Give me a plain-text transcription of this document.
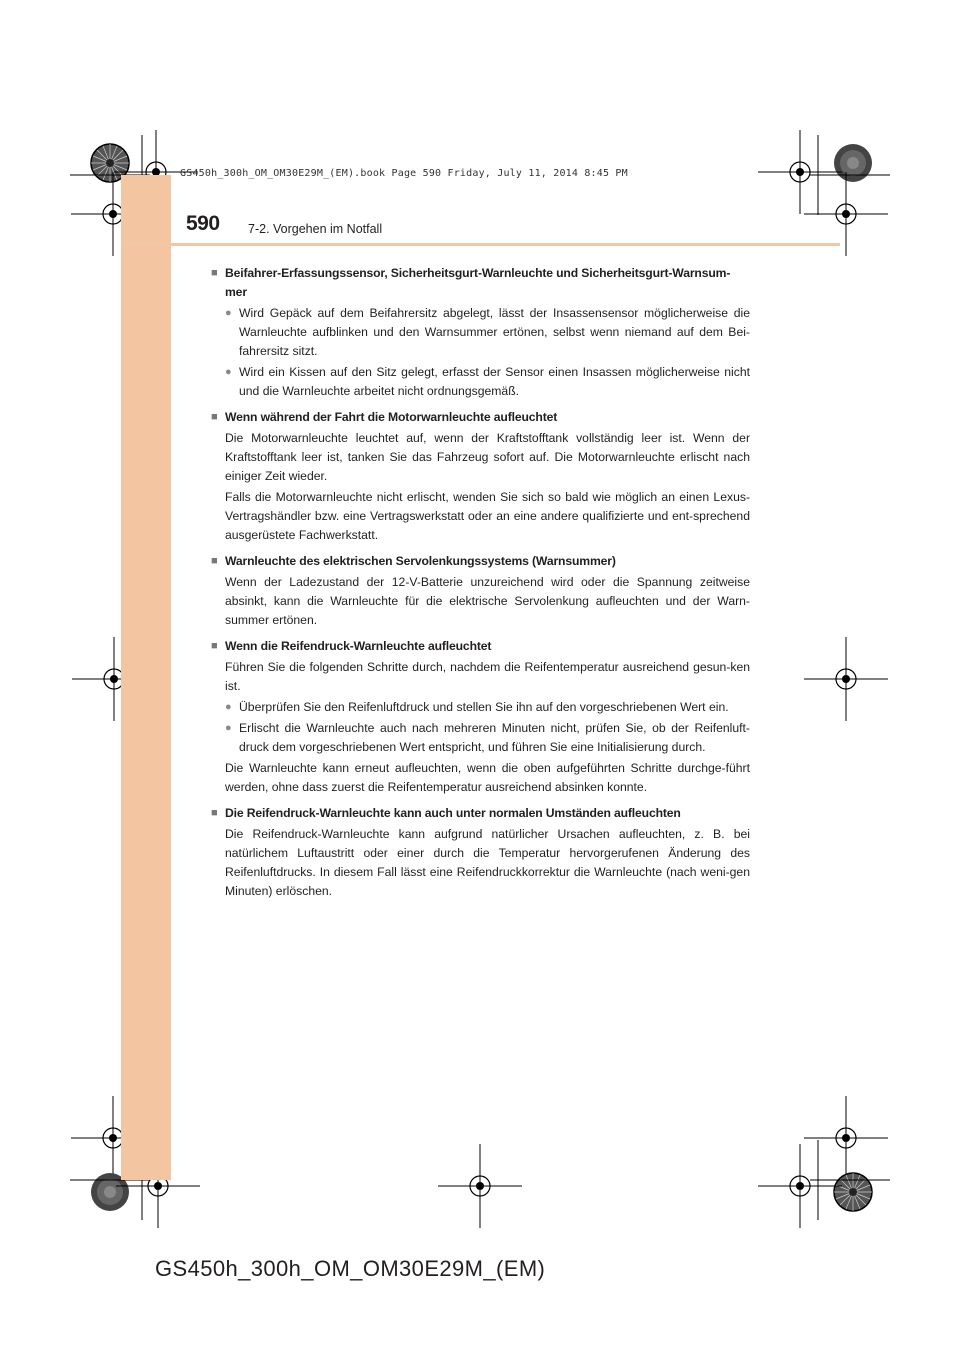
GS450h_300h_OM_OM30E29M_(EM).book Page 590 Friday, July 11, 2014 8:45 PM
590 7-2. Vorgehen im Notfall
■ Beifahrer-Erfassungssensor, Sicherheitsgurt-Warnleuchte und Sicherheitsgurt-Warnsum-mer
● Wird Gepäck auf dem Beifahrersitz abgelegt, lässt der Insassensensor möglicherweise die Warnleuchte aufblinken und den Warnsummer ertönen, selbst wenn niemand auf dem Bei-fahrersitz sitzt.
● Wird ein Kissen auf den Sitz gelegt, erfasst der Sensor einen Insassen möglicherweise nicht und die Warnleuchte arbeitet nicht ordnungsgemäß.
■ Wenn während der Fahrt die Motorwarnleuchte aufleuchtet
Die Motorwarnleuchte leuchtet auf, wenn der Kraftstofftank vollständig leer ist. Wenn der Kraftstofftank leer ist, tanken Sie das Fahrzeug sofort auf. Die Motorwarnleuchte erlischt nach einiger Zeit wieder.
Falls die Motorwarnleuchte nicht erlischt, wenden Sie sich so bald wie möglich an einen Lexus-Vertragshändler bzw. eine Vertragswerkstatt oder an eine andere qualifizierte und ent-sprechend ausgerüstete Fachwerkstatt.
■ Warnleuchte des elektrischen Servolenkungssystems (Warnsummer)
Wenn der Ladezustand der 12-V-Batterie unzureichend wird oder die Spannung zeitweise absinkt, kann die Warnleuchte für die elektrische Servolenkung aufleuchten und der Warn-summer ertönen.
■ Wenn die Reifendruck-Warnleuchte aufleuchtet
Führen Sie die folgenden Schritte durch, nachdem die Reifentemperatur ausreichend gesun-ken ist.
● Überprüfen Sie den Reifenluftdruck und stellen Sie ihn auf den vorgeschriebenen Wert ein.
● Erlischt die Warnleuchte auch nach mehreren Minuten nicht, prüfen Sie, ob der Reifenluft-druck dem vorgeschriebenen Wert entspricht, und führen Sie eine Initialisierung durch.
Die Warnleuchte kann erneut aufleuchten, wenn die oben aufgeführten Schritte durchge-führt werden, ohne dass zuerst die Reifentemperatur ausreichend absinken konnte.
■ Die Reifendruck-Warnleuchte kann auch unter normalen Umständen aufleuchten
Die Reifendruck-Warnleuchte kann aufgrund natürlicher Ursachen aufleuchten, z. B. bei natürlichem Luftaustritt oder einer durch die Temperatur hervorgerufenen Änderung des Reifenluftdrucks. In diesem Fall lässt eine Reifendruckkorrektur die Warnleuchte (nach weni-gen Minuten) erlöschen.
GS450h_300h_OM_OM30E29M_(EM)
